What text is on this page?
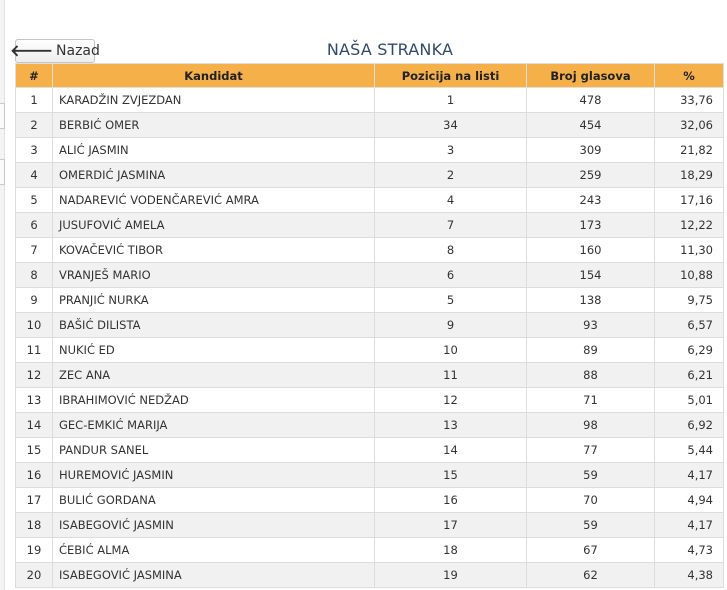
🡐 Nazad	NAŠA STRANKA
#	Kandidat	Pozicija na listi	Broj glasova	%
1	KARADŽIN ZVJEZDAN	1	478	33,76
2	BERBIĆ OMER	34	454	32,06
3	ALIĆ JASMIN	3	309	21,82
4	OMERDIĆ JASMINA	2	259	18,29
5	NADAREVIĆ VODENČAREVIĆ AMRA	4	243	17,16
6	JUSUFOVIĆ AMELA	7	173	12,22
7	KOVAČEVIĆ TIBOR	8	160	11,30
8	VRANJEŠ MARIO	6	154	10,88
9	PRANJIĆ NURKA	5	138	9,75
10	BAŠIĆ DILISTA	9	93	6,57
11	NUKIĆ ED	10	89	6,29
12	ZEC ANA	11	88	6,21
13	IBRAHIMOVIĆ NEDŽAD	12	71	5,01
14	GEC-EMKIĆ MARIJA	13	98	6,92
15	PANDUR SANEL	14	77	5,44
16	HUREMOVIĆ JASMIN	15	59	4,17
17	BULIĆ GORDANA	16	70	4,94
18	ISABEGOVIĆ JASMIN	17	59	4,17
19	ĆEBIĆ ALMA	18	67	4,73
20	ISABEGOVIĆ JASMINA	19	62	4,38
